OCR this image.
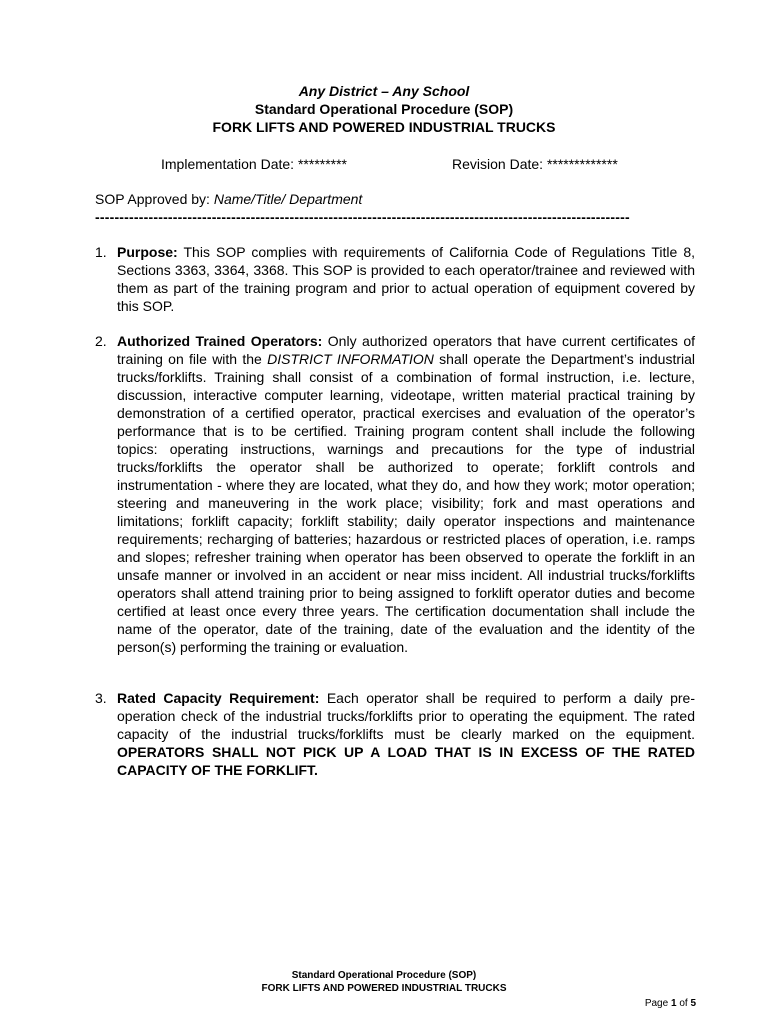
Any District – Any School
Standard Operational Procedure (SOP)
FORK LIFTS AND POWERED INDUSTRIAL TRUCKS
Implementation Date: *********	Revision Date: *************
SOP Approved by: Name/Title/ Department
--------------------------------------------------------------------------------------------------------------
1. Purpose: This SOP complies with requirements of California Code of Regulations Title 8, Sections 3363, 3364, 3368. This SOP is provided to each operator/trainee and reviewed with them as part of the training program and prior to actual operation of equipment covered by this SOP.
2. Authorized Trained Operators: Only authorized operators that have current certificates of training on file with the DISTRICT INFORMATION shall operate the Department’s industrial trucks/forklifts. Training shall consist of a combination of formal instruction, i.e. lecture, discussion, interactive computer learning, videotape, written material practical training by demonstration of a certified operator, practical exercises and evaluation of the operator’s performance that is to be certified. Training program content shall include the following topics: operating instructions, warnings and precautions for the type of industrial trucks/forklifts the operator shall be authorized to operate; forklift controls and instrumentation - where they are located, what they do, and how they work; motor operation; steering and maneuvering in the work place; visibility; fork and mast operations and limitations; forklift capacity; forklift stability; daily operator inspections and maintenance requirements; recharging of batteries; hazardous or restricted places of operation, i.e. ramps and slopes; refresher training when operator has been observed to operate the forklift in an unsafe manner or involved in an accident or near miss incident. All industrial trucks/forklifts operators shall attend training prior to being assigned to forklift operator duties and become certified at least once every three years. The certification documentation shall include the name of the operator, date of the training, date of the evaluation and the identity of the person(s) performing the training or evaluation.
3. Rated Capacity Requirement: Each operator shall be required to perform a daily pre-operation check of the industrial trucks/forklifts prior to operating the equipment. The rated capacity of the industrial trucks/forklifts must be clearly marked on the equipment. OPERATORS SHALL NOT PICK UP A LOAD THAT IS IN EXCESS OF THE RATED CAPACITY OF THE FORKLIFT.
Standard Operational Procedure (SOP)
FORK LIFTS AND POWERED INDUSTRIAL TRUCKS
Page 1 of 5
